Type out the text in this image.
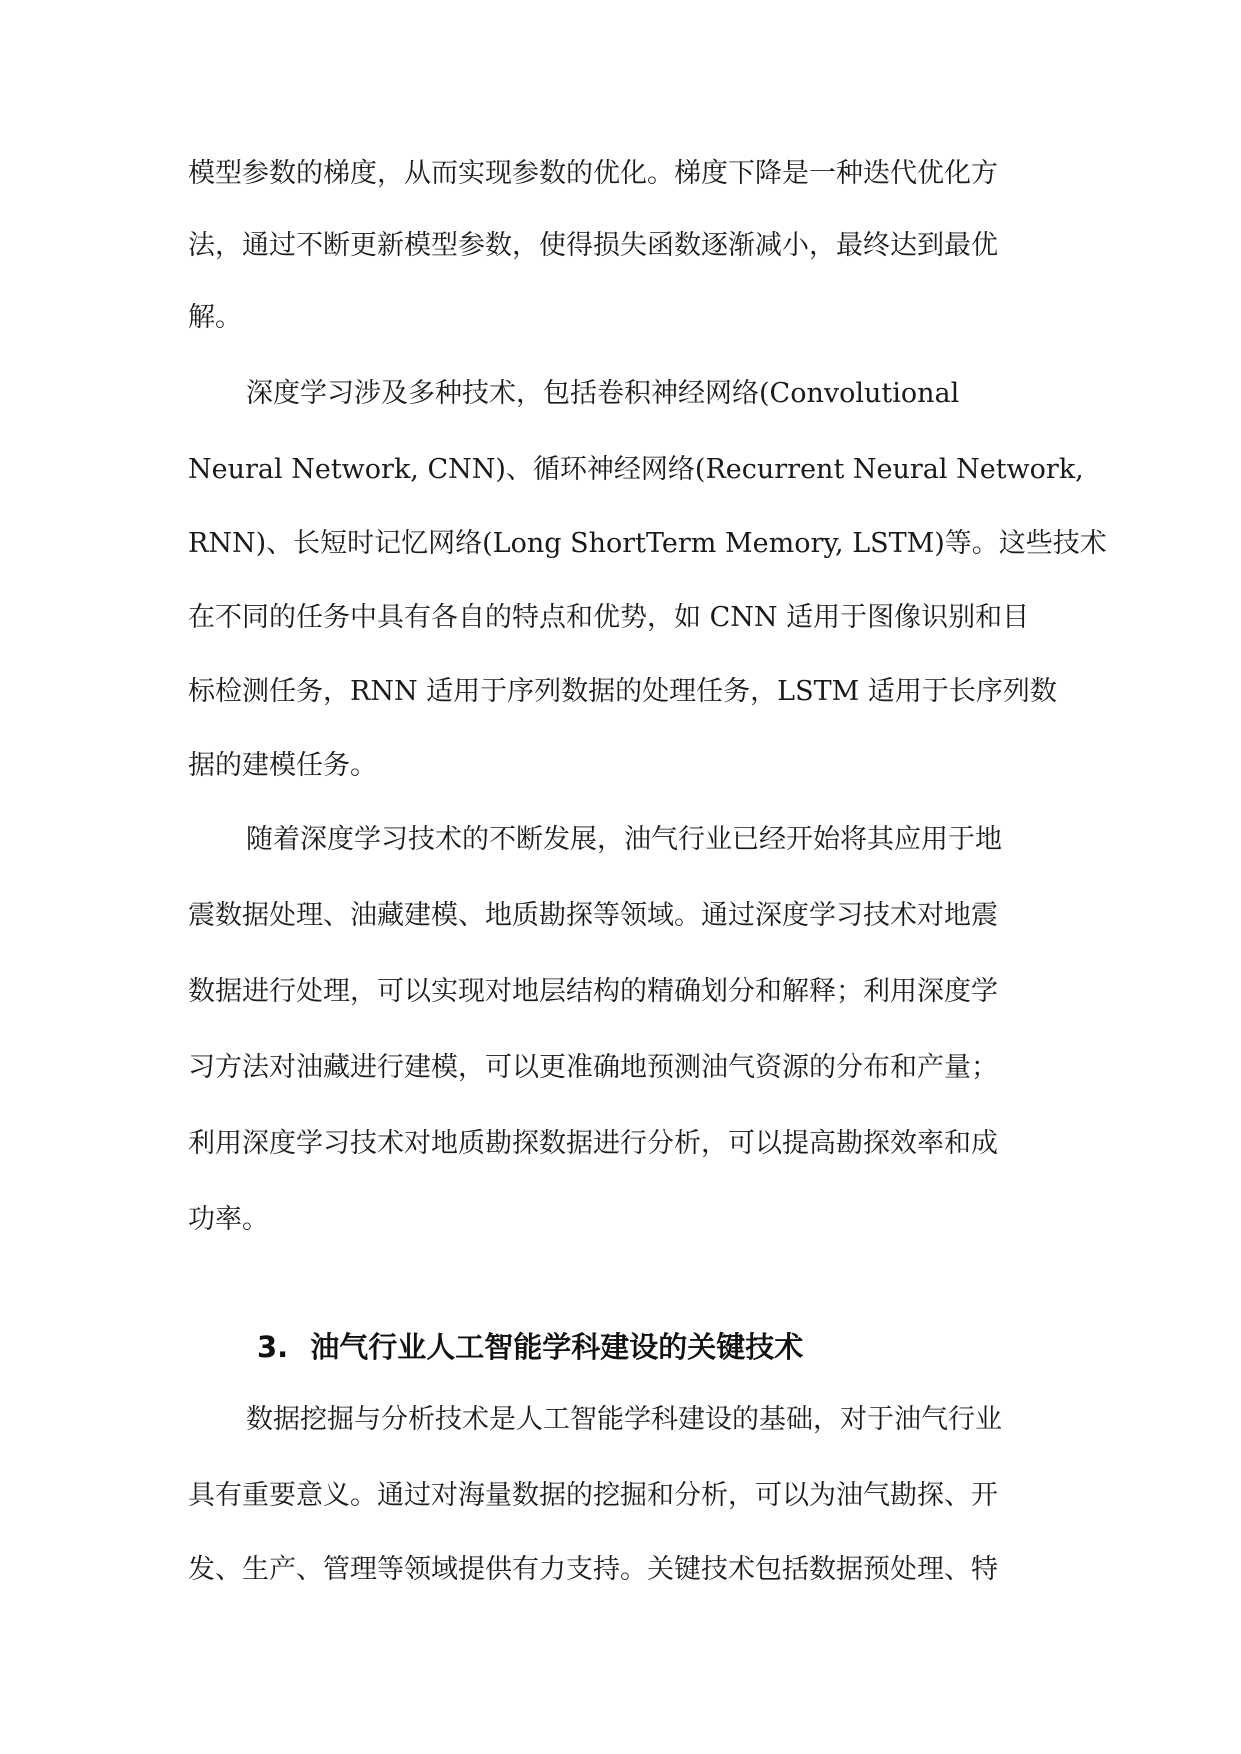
模型参数的梯度，从而实现参数的优化。梯度下降是一种迭代优化方
法，通过不断更新模型参数，使得损失函数逐渐减小，最终达到最优
解。
深度学习涉及多种技术，包括卷积神经网络(Convolutional
Neural Network, CNN)、循环神经网络(Recurrent Neural Network,
RNN)、长短时记忆网络(Long ShortTerm Memory, LSTM)等。这些技术
在不同的任务中具有各自的特点和优势，如 CNN 适用于图像识别和目
标检测任务，RNN 适用于序列数据的处理任务，LSTM 适用于长序列数
据的建模任务。
随着深度学习技术的不断发展，油气行业已经开始将其应用于地
震数据处理、油藏建模、地质勘探等领域。通过深度学习技术对地震
数据进行处理，可以实现对地层结构的精确划分和解释；利用深度学
习方法对油藏进行建模，可以更准确地预测油气资源的分布和产量；
利用深度学习技术对地质勘探数据进行分析，可以提高勘探效率和成
功率。
3. 油气行业人工智能学科建设的关键技术
数据挖掘与分析技术是人工智能学科建设的基础，对于油气行业
具有重要意义。通过对海量数据的挖掘和分析，可以为油气勘探、开
发、生产、管理等领域提供有力支持。关键技术包括数据预处理、特
